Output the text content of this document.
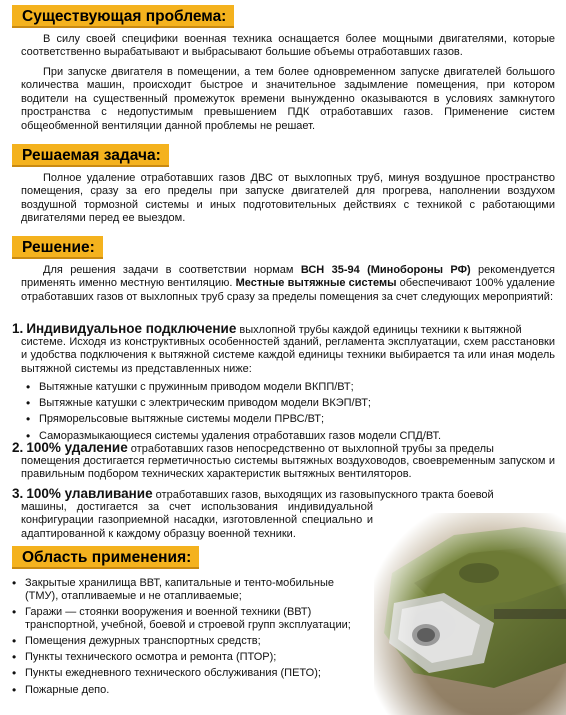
Существующая проблема:

В силу своей специфики военная техника оснащается более мощными двигателями, которые соответственно вырабатывают и выбрасывают большие объемы отработавших газов.

При запуске двигателя в помещении, а тем более одновременном запуске двигателей большого количества машин, происходит быстрое и значительное задымление помещения, при котором водители на существенный промежуток времени вынужденно оказываются в условиях замкнутого пространства с недопустимым превышением ПДК отработавших газов. Применение систем общеобменной вентиляции данной проблемы не решает.

Решаемая задача:

Полное удаление отработавших газов ДВС от выхлопных труб, минуя воздушное пространство помещения, сразу за его пределы при запуске двигателей для прогрева, наполнении воздухом воздушной тормозной системы и иных подготовительных действиях с техникой с работающими двигателями перед ее выездом.

Решение:

Для решения задачи в соответствии нормам ВСН 35-94 (Минобороны РФ) рекомендуется применять именно местную вентиляцию. Местные вытяжные системы обеспечивают 100% удаление отработавших газов от выхлопных труб сразу за пределы помещения за счет следующих мероприятий:

1. Индивидуальное подключение выхлопной трубы каждой единицы техники к вытяжной

системе. Исходя из конструктивных особенностей зданий, регламента эксплуатации, схем расстановки и удобства подключения к вытяжной системе каждой единицы техники выбирается та или иная модель вытяжной системы из представленных ниже:

• Вытяжные катушки с пружинным приводом модели ВКПП/ВТ;
• Вытяжные катушки с электрическим приводом модели ВКЭП/ВТ;
• Пряморельсовые вытяжные системы модели ПРВС/ВТ;
• Саморазмыкающиеся системы удаления отработавших газов модели СПД/ВТ.

2. 100% удаление отработавших газов непосредственно от выхлопной трубы за пределы

помещения достигается герметичностью системы вытяжных воздуховодов, своевременным запуском и правильным подбором технических характеристик вытяжных вентиляторов.

3. 100% улавливание отработавших газов, выходящих из газовыпускного тракта боевой

машины, достигается за счет использования индивидуальной конфигурации газоприемной насадки, изготовленной специально и адаптированной к каждому образцу военной техники.

Область применения:
• Закрытые хранилища ВВТ, капитальные и тенто-мобильные (ТМУ), отапливаемые и не отапливаемые;
• Гаражи — стоянки вооружения и военной техники (ВВТ) транспортной, учебной, боевой и строевой групп эксплуатации;
• Помещения дежурных транспортных средств;
• Пункты технического осмотра и ремонта (ПТОР);
• Пункты ежедневного технического обслуживания (ПЕТО);
• Пожарные депо.
